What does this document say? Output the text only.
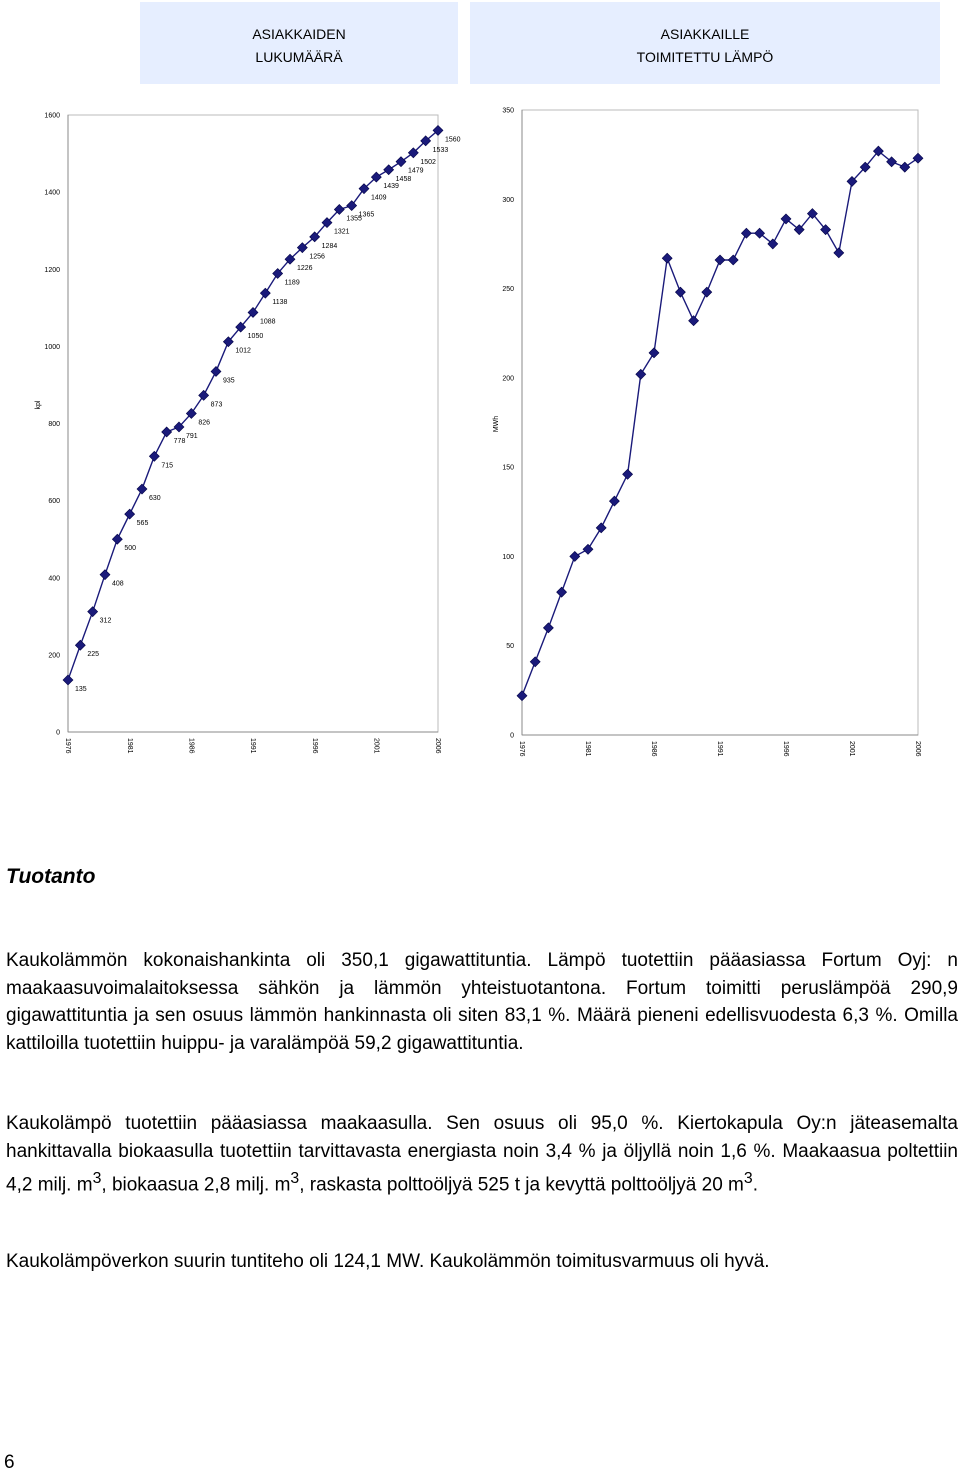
ASIAKKAIDEN
LUKUMÄÄRÄ
0
200
400
600
800
1000
1200
1400
1600
1976	1981	1986	1991	1996	2001	2006
kpl
135
225
312
408
500
565
630
715
778
791
826
873
935
1012
1050
1088
1138
1189
1226
1256
1284
1321
1355
1365
1409
1439
1458
1479
1502
1533
1560
ASIAKKAILLE
TOIMITETTU LÄMPÖ
0
50
100
150
200
250
300
350
1976	1981	1986	1991	1996	2001	2006
MWh
Tuotanto

Kaukolämmön kokonaishankinta oli 350,1 gigawattituntia. Lämpö tuotettiin pääasiassa Fortum Oyj: n maakaasuvoimalaitoksessa sähkön ja lämmön yhteistuotantona. Fortum toimitti peruslämpöä 290,9 gigawattituntia ja sen osuus lämmön hankinnasta oli siten 83,1 %. Määrä pieneni edellisvuodesta 6,3 %. Omilla kattiloilla tuotettiin huippu- ja varalämpöä 59,2 gigawattituntia.

Kaukolämpö tuotettiin pääasiassa maakaasulla. Sen osuus oli 95,0 %. Kiertokapula Oy:n jäteasemalta hankittavalla biokaasulla tuotettiin tarvittavasta energiasta noin 3,4 % ja öljyllä noin 1,6 %. Maakaasua poltettiin 4,2 milj. $m^3$, biokaasua 2,8 milj. $m^3$, raskasta polttoöljyä 525 t ja kevyttä polttoöljyä 20 $m^3$.

Kaukolämpöverkon suurin tuntiteho oli 124,1 MW. Kaukolämmön toimitusvarmuus oli hyvä.

6
